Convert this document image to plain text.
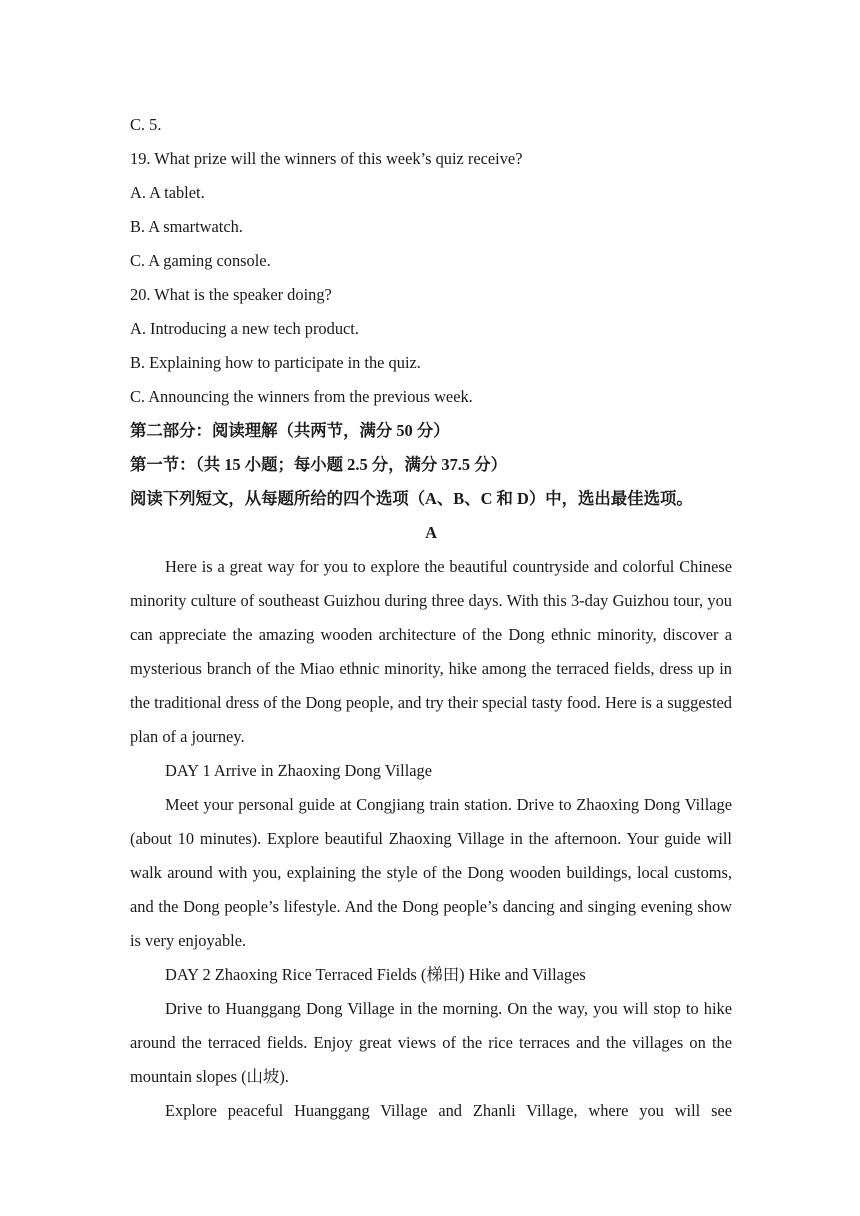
C. 5.
19. What prize will the winners of this week’s quiz receive?
A. A tablet.
B. A smartwatch.
C. A gaming console.
20. What is the speaker doing?
A. Introducing a new tech product.
B. Explaining how to participate in the quiz.
C. Announcing the winners from the previous week.
第二部分：阅读理解（共两节，满分 50 分）
第一节：（共 15 小题；每小题 2.5 分，满分 37.5 分）
阅读下列短文，从每题所给的四个选项（A、B、C 和 D）中，选出最佳选项。
A

Here is a great way for you to explore the beautiful countryside and colorful Chinese minority culture of southeast Guizhou during three days. With this 3-day Guizhou tour, you can appreciate the amazing wooden architecture of the Dong ethnic minority, discover a mysterious branch of the Miao ethnic minority, hike among the terraced fields, dress up in the traditional dress of the Dong people, and try their special tasty food. Here is a suggested plan of a journey.

DAY 1 Arrive in Zhaoxing Dong Village

Meet your personal guide at Congjiang train station. Drive to Zhaoxing Dong Village (about 10 minutes). Explore beautiful Zhaoxing Village in the afternoon. Your guide will walk around with you, explaining the style of the Dong wooden buildings, local customs, and the Dong people’s lifestyle. And the Dong people’s dancing and singing evening show is very enjoyable.

DAY 2 Zhaoxing Rice Terraced Fields (梯田) Hike and Villages

Drive to Huanggang Dong Village in the morning. On the way, you will stop to hike around the terraced fields. Enjoy great views of the rice terraces and the villages on the mountain slopes (山坡).

Explore peaceful Huanggang Village and Zhanli Village, where you will see
